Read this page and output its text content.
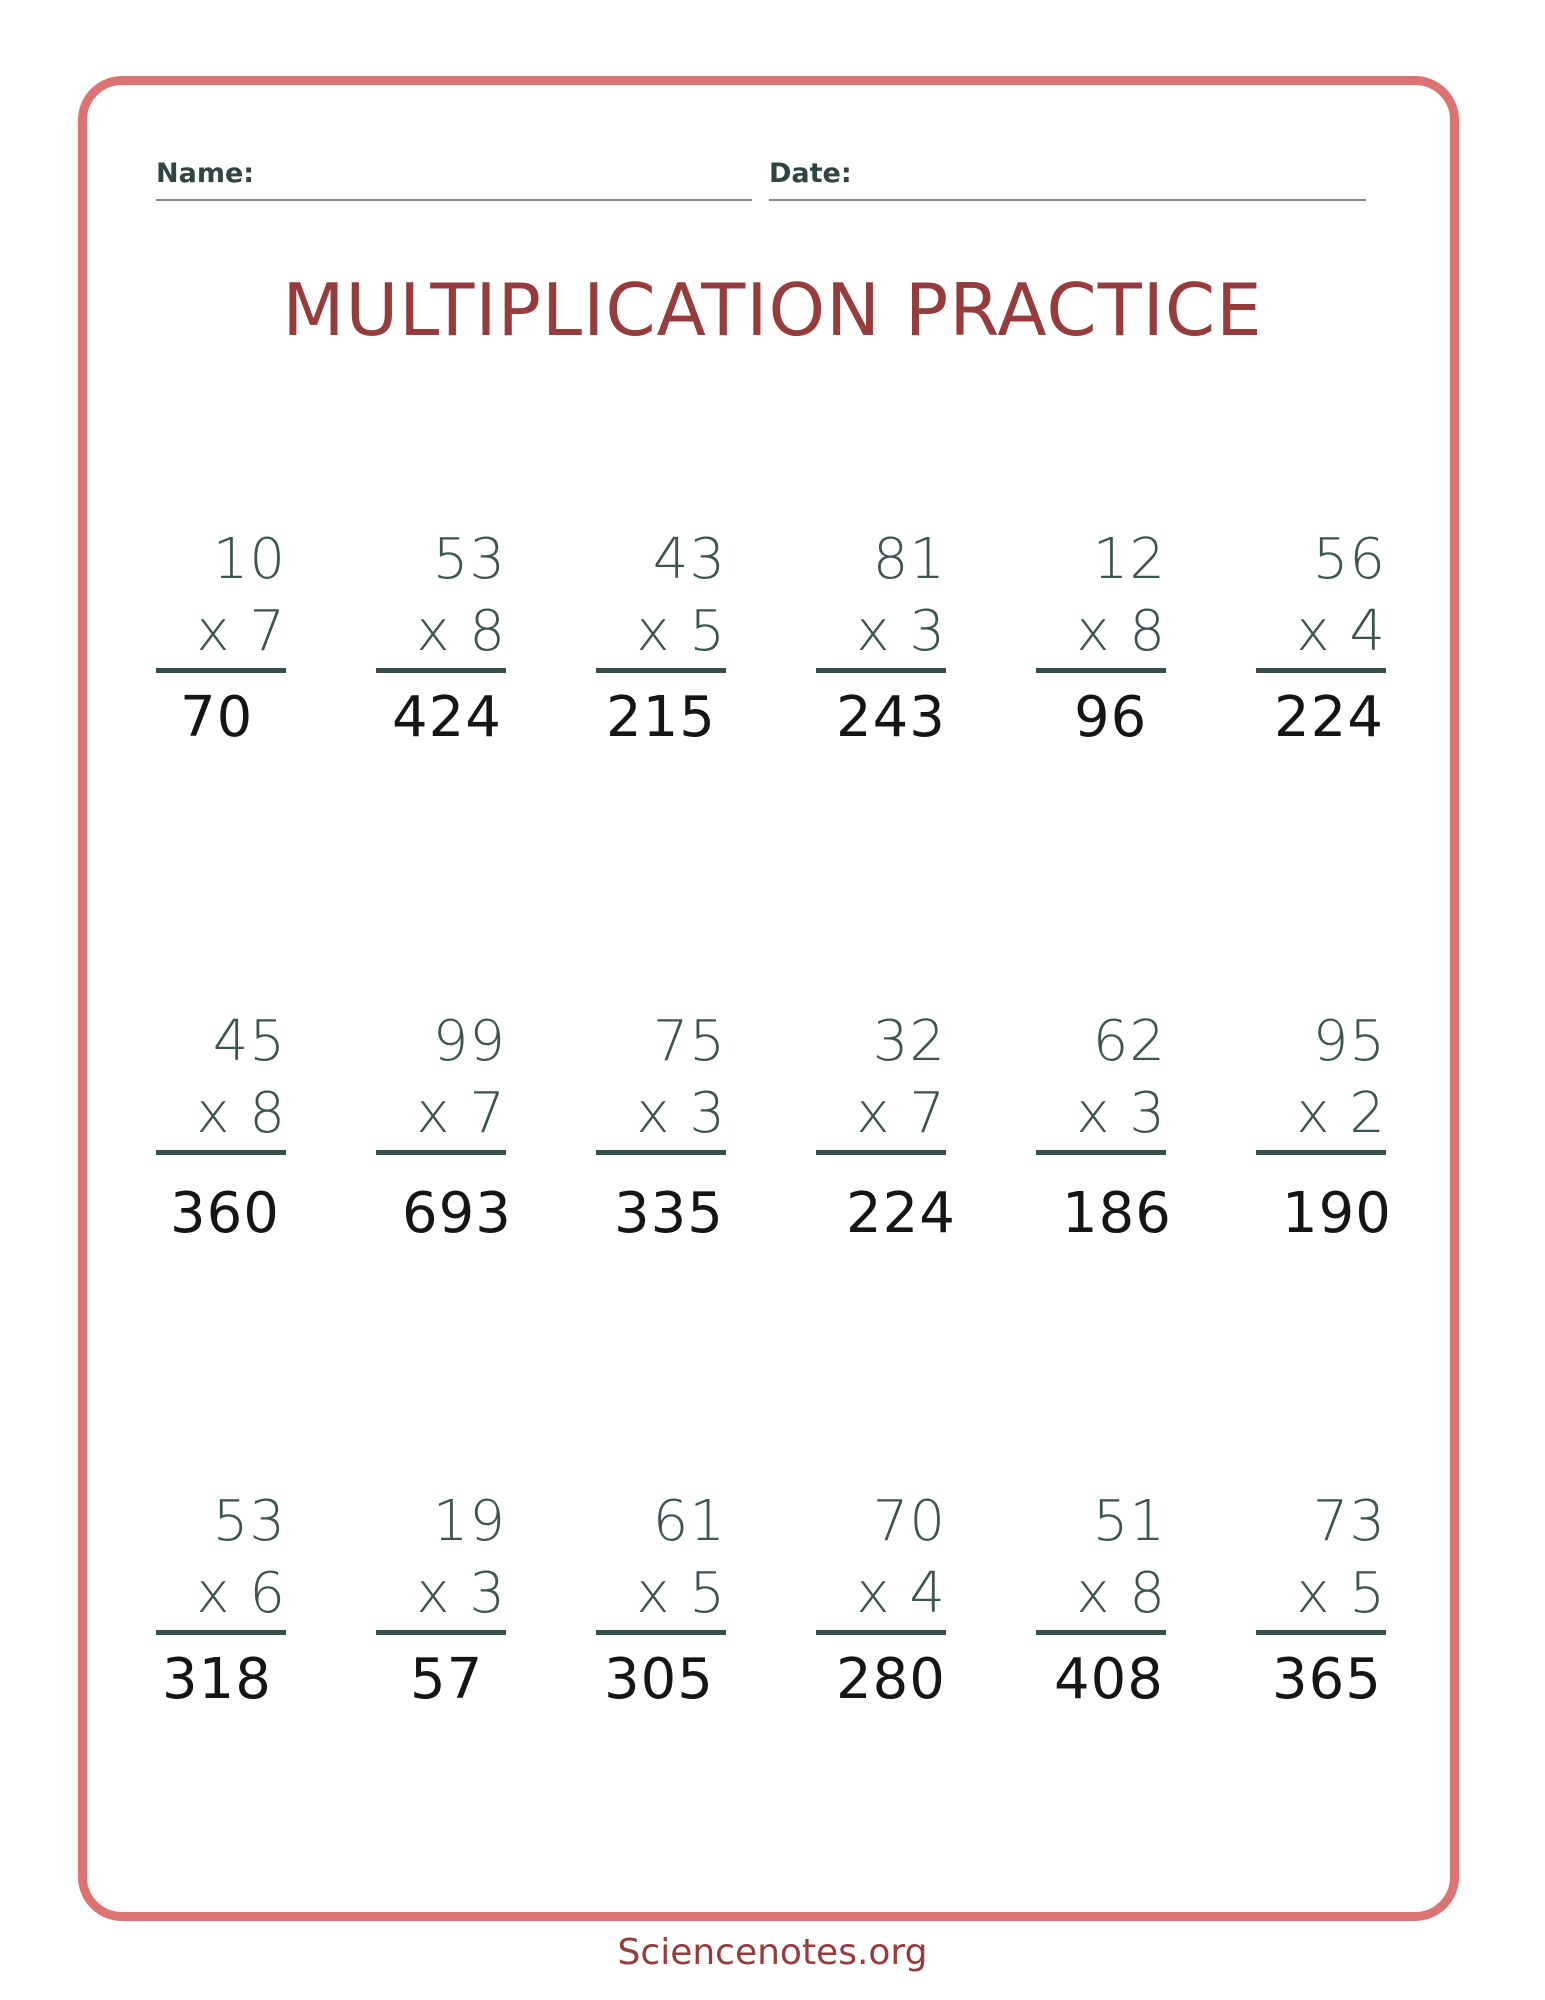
Name:	Date:
MULTIPLICATION PRACTICE
10
x 7
70
53
x 8
424
43
x 5
215
81
x 3
243
12
x 8
96
56
x 4
224
45
x 8
360
99
x 7
693
75
x 3
335
32
x 7
224
62
x 3
186
95
x 2
190
53
x 6
318
19
x 3
57
61
x 5
305
70
x 4
280
51
x 8
408
73
x 5
365
Sciencenotes.org
